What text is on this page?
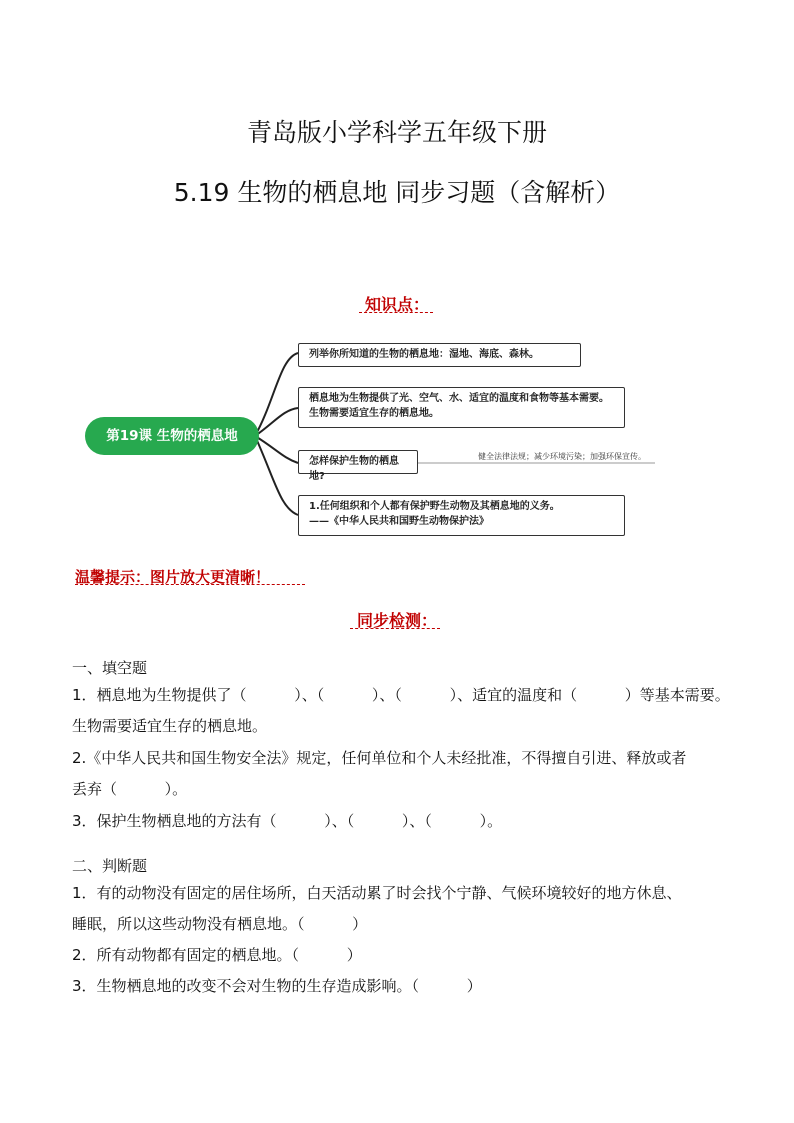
青岛版小学科学五年级下册
5.19 生物的栖息地 同步习题（含解析）
知识点：
第19课 生物的栖息地
列举你所知道的生物的栖息地：湿地、海底、森林。
栖息地为生物提供了光、空气、水、适宜的温度和食物等基本需要。生物需要适宜生存的栖息地。
怎样保护生物的栖息地?
健全法律法规；减少环境污染；加强环保宣传。
1.任何组织和个人都有保护野生动物及其栖息地的义务。
——《中华人民共和国野生动物保护法》
温馨提示：图片放大更清晰！
同步检测：
一、填空题
1．栖息地为生物提供了（          ）、（          ）、（          ）、适宜的温度和（          ）等基本需要。
生物需要适宜生存的栖息地。
2.《中华人民共和国生物安全法》规定，任何单位和个人未经批准，不得擅自引进、释放或者
丢弃（          ）。
3．保护生物栖息地的方法有（          ）、（          ）、（          ）。
二、判断题
1．有的动物没有固定的居住场所，白天活动累了时会找个宁静、气候环境较好的地方休息、
睡眠，所以这些动物没有栖息地。（          ）
2．所有动物都有固定的栖息地。（          ）
3．生物栖息地的改变不会对生物的生存造成影响。（          ）
